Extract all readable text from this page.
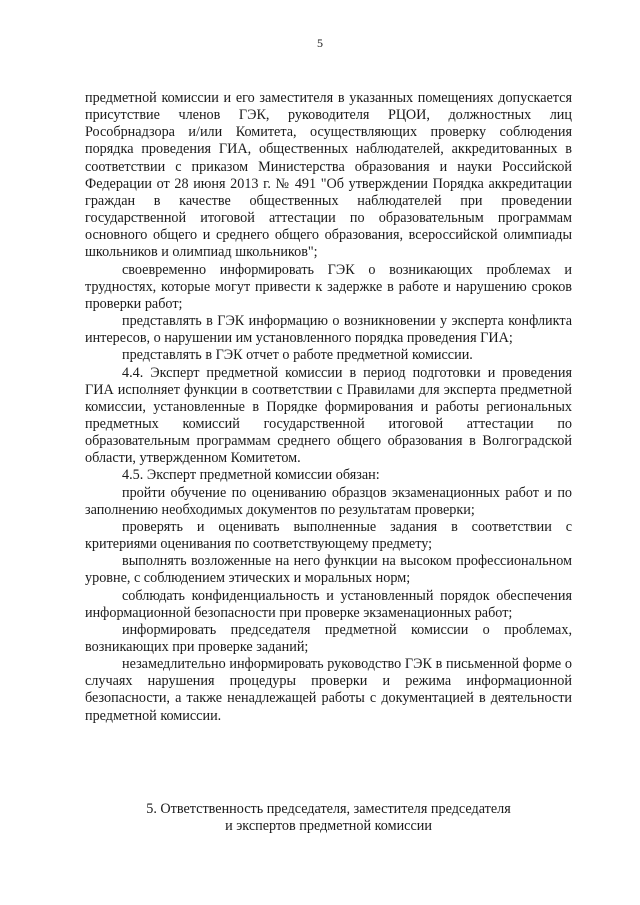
5

предметной комиссии и его заместителя в указанных помещениях допускается присутствие членов ГЭК, руководителя РЦОИ, должностных лиц Рособрнадзора и/или Комитета, осуществляющих проверку соблюдения порядка проведения ГИА, общественных наблюдателей, аккредитованных в соответствии с приказом Министерства образования и науки Российской Федерации от 28 июня 2013 г. № 491 "Об утверждении Порядка аккредитации граждан в качестве общественных наблюдателей при проведении государственной итоговой аттестации по образовательным программам основного общего и среднего общего образования, всероссийской олимпиады школьников и олимпиад школьников";

своевременно информировать ГЭК о возникающих проблемах и трудностях, которые могут привести к задержке в работе и нарушению сроков проверки работ;

представлять в ГЭК информацию о возникновении у эксперта конфликта интересов, о нарушении им установленного порядка проведения ГИА;

представлять в ГЭК отчет о работе предметной комиссии.

4.4. Эксперт предметной комиссии в период подготовки и проведения ГИА исполняет функции в соответствии с Правилами для эксперта предметной комиссии, установленные в Порядке формирования и работы региональных предметных комиссий государственной итоговой аттестации по образовательным программам среднего общего образования в Волгоградской области, утвержденном Комитетом.

4.5. Эксперт предметной комиссии обязан:

пройти обучение по оцениванию образцов экзаменационных работ и по заполнению необходимых документов по результатам проверки;

проверять и оценивать выполненные задания в соответствии с критериями оценивания по соответствующему предмету;

выполнять возложенные на него функции на высоком профессиональном уровне, с соблюдением этических и моральных норм;

соблюдать конфиденциальность и установленный порядок обеспечения информационной безопасности при проверке экзаменационных работ;

информировать председателя предметной комиссии о проблемах, возникающих при проверке заданий;

незамедлительно информировать руководство ГЭК в письменной форме о случаях нарушения процедуры проверки и режима информационной безопасности, а также ненадлежащей работы с документацией в деятельности предметной комиссии.

5. Ответственность председателя, заместителя председателя
и экспертов предметной комиссии
